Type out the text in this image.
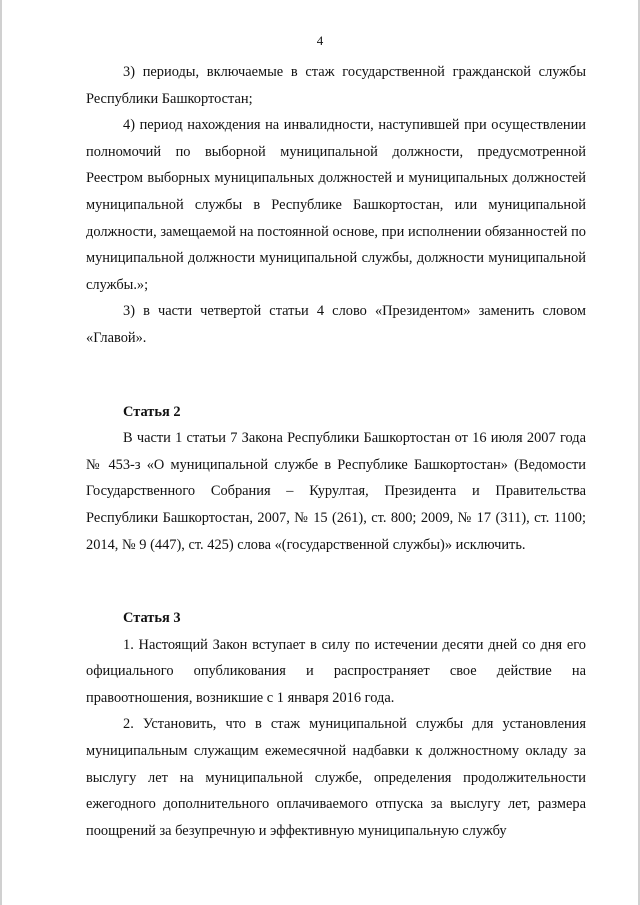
4

3) периоды, включаемые в стаж государственной гражданской службы Республики Башкортостан;

4) период нахождения на инвалидности, наступившей при осуществлении полномочий по выборной муниципальной должности, предусмотренной Реестром выборных муниципальных должностей и муниципальных должностей муниципальной службы в Республике Башкортостан, или муниципальной должности, замещаемой на постоянной основе, при исполнении обязанностей по муниципальной должности муниципальной службы, должности муниципальной службы.»;

3) в части четвертой статьи 4 слово «Президентом» заменить словом «Главой».

Статья 2

В части 1 статьи 7 Закона Республики Башкортостан от 16 июля 2007 года № 453-з «О муниципальной службе в Республике Башкортостан» (Ведомости Государственного Собрания – Курултая, Президента и Правительства Республики Башкортостан, 2007, № 15 (261), ст. 800; 2009, № 17 (311), ст. 1100; 2014, № 9 (447), ст. 425) слова «(государственной службы)» исключить.

Статья 3

1. Настоящий Закон вступает в силу по истечении десяти дней со дня его официального опубликования и распространяет свое действие на правоотношения, возникшие с 1 января 2016 года.

2. Установить, что в стаж муниципальной службы для установления муниципальным служащим ежемесячной надбавки к должностному окладу за выслугу лет на муниципальной службе, определения продолжительности ежегодного дополнительного оплачиваемого отпуска за выслугу лет, размера поощрений за безупречную и эффективную муниципальную службу
